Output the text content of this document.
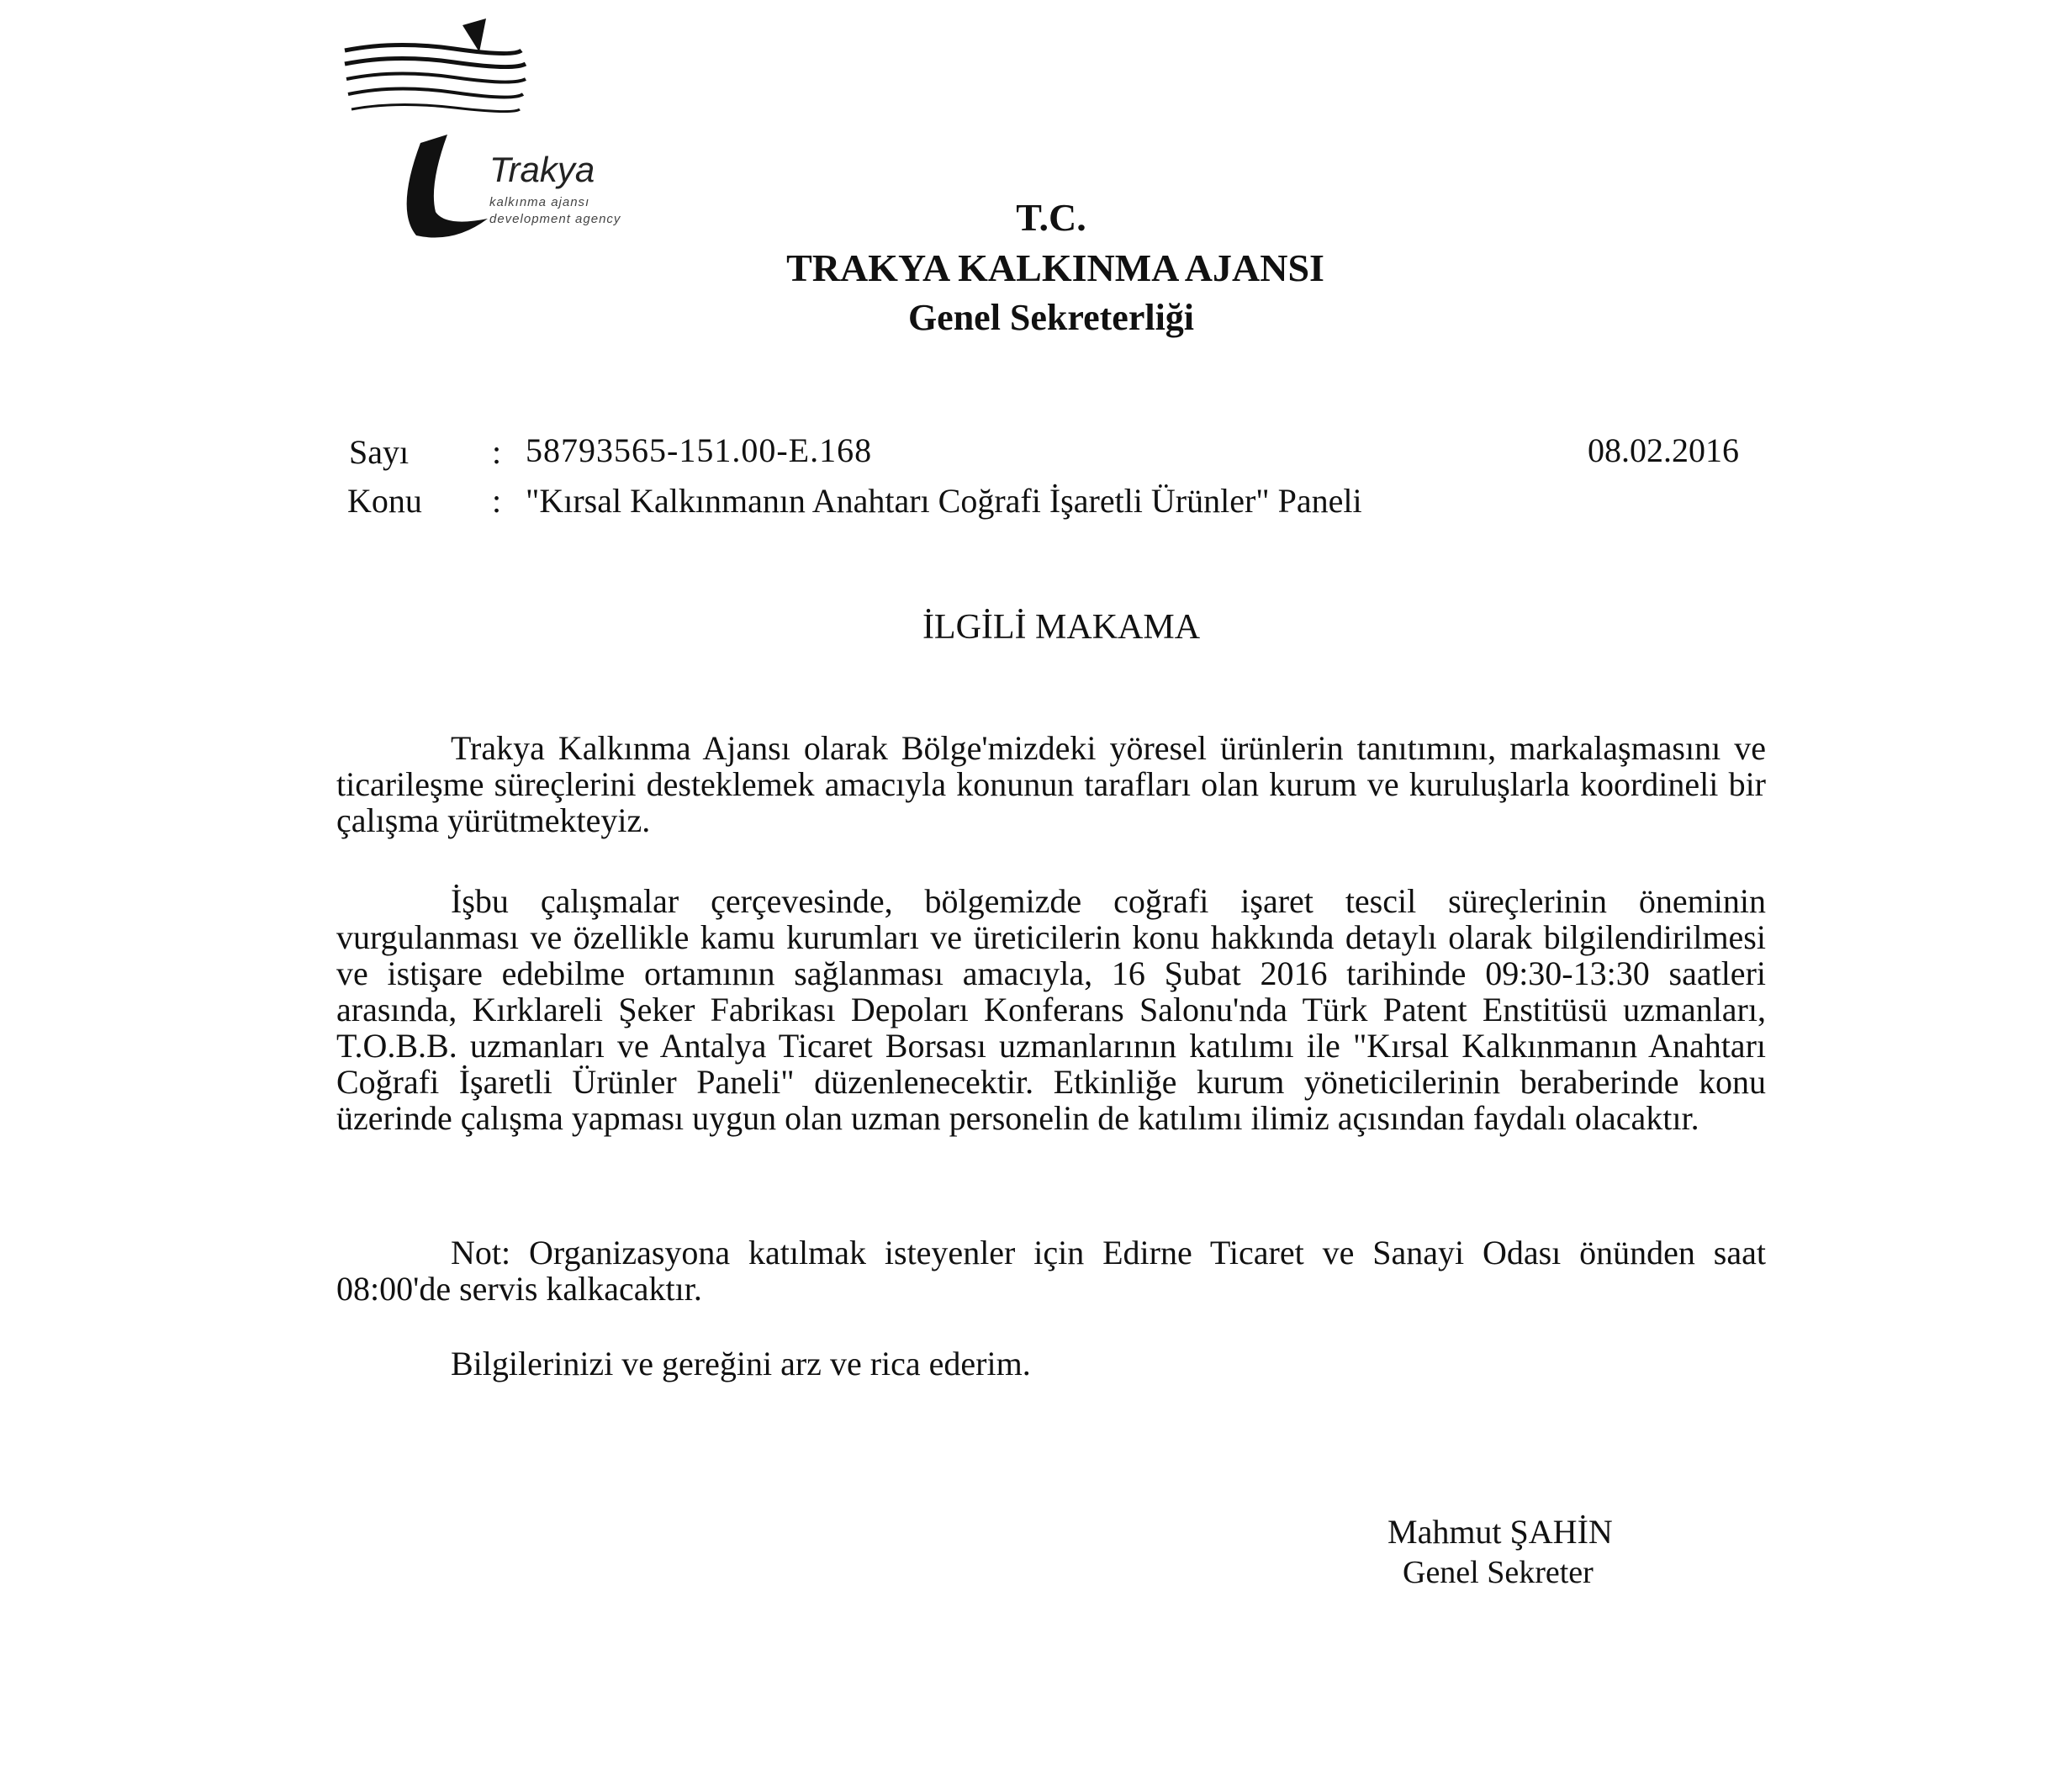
Trakya
kalkınma ajansı
development agency	T.C.
TRAKYA KALKINMA AJANSI
Genel Sekreterliği
Sayı : 58793565-151.00-E.168	08.02.2016
Konu : "Kırsal Kalkınmanın Anahtarı Coğrafi İşaretli Ürünler" Paneli
İLGİLİ MAKAMA
Trakya Kalkınma Ajansı olarak Bölge'mizdeki yöresel ürünlerin tanıtımını, markalaşmasını ve ticarileşme süreçlerini desteklemek amacıyla konunun tarafları olan kurum ve kuruluşlarla koordineli bir çalışma yürütmekteyiz.
İşbu çalışmalar çerçevesinde, bölgemizde coğrafi işaret tescil süreçlerinin öneminin vurgulanması ve özellikle kamu kurumları ve üreticilerin konu hakkında detaylı olarak bilgilendirilmesi ve istişare edebilme ortamının sağlanması amacıyla, 16 Şubat 2016 tarihinde 09:30-13:30 saatleri arasında, Kırklareli Şeker Fabrikası Depoları Konferans Salonu'nda Türk Patent Enstitüsü uzmanları, T.O.B.B. uzmanları ve Antalya Ticaret Borsası uzmanlarının katılımı ile "Kırsal Kalkınmanın Anahtarı Coğrafi İşaretli Ürünler Paneli" düzenlenecektir. Etkinliğe kurum yöneticilerinin beraberinde konu üzerinde çalışma yapması uygun olan uzman personelin de katılımı ilimiz açısından faydalı olacaktır.
Not: Organizasyona katılmak isteyenler için Edirne Ticaret ve Sanayi Odası önünden saat 08:00'de servis kalkacaktır.
Bilgilerinizi ve gereğini arz ve rica ederim.
Mahmut ŞAHİN
Genel Sekreter
